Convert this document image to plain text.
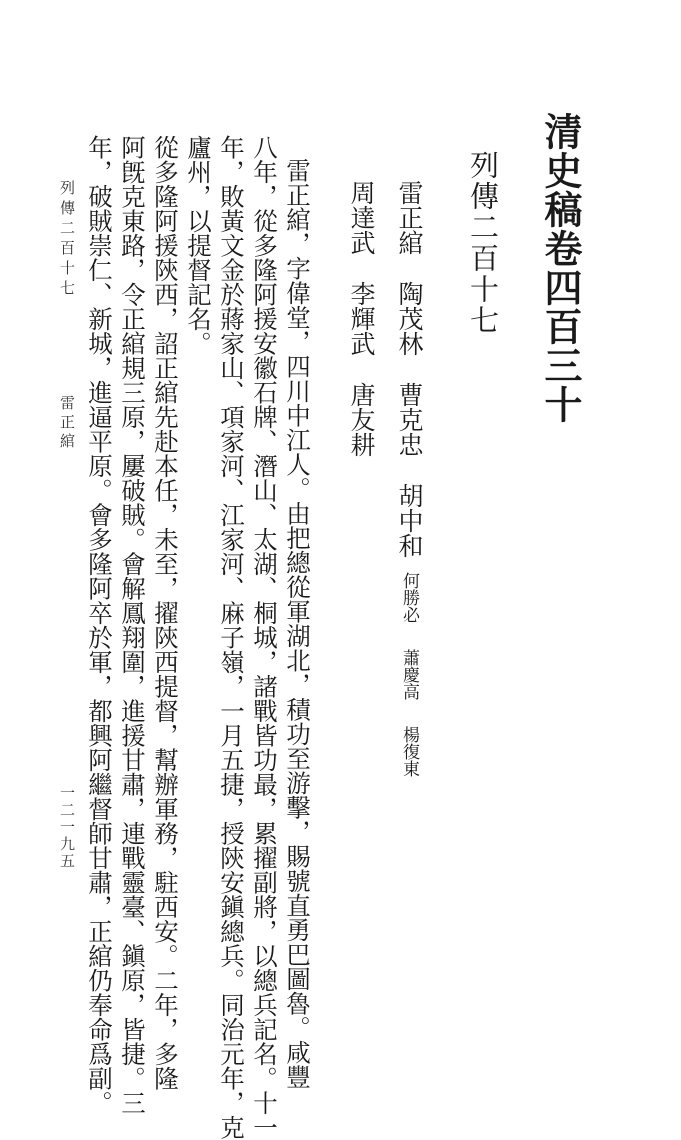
清史稿卷四百三十
列傳二百十七
雷正綰陶茂林曹克忠胡中和何勝必蕭慶高楊復東
周達武李輝武唐友耕
雷正綰，字偉堂，四川中江人。由把總從軍湖北，積功至游擊，賜號直勇巴圖魯。咸豐
八年，從多隆阿援安徽石牌、潛山、太湖、桐城，諸戰皆功最，累擢副將，以總兵記名。十一
年，敗黃文金於蔣家山、項家河、江家河、麻子嶺，一月五捷，授陝安鎭總兵。同治元年，克
廬州，以提督記名。
從多隆阿援陝西，詔正綰先赴本任，未至，擢陝西提督，幫辦軍務，駐西安。二年，多隆
阿旣克東路，令正綰規三原，屢破賊。會解鳳翔圍，進援甘肅，連戰靈臺、鎭原，皆捷。三
年，破賊崇仁、新城，進逼平原。會多隆阿卒於軍，都興阿繼督師甘肅，正綰仍奉命爲副。
列傳二百十七
雷正綰
一二一九五
